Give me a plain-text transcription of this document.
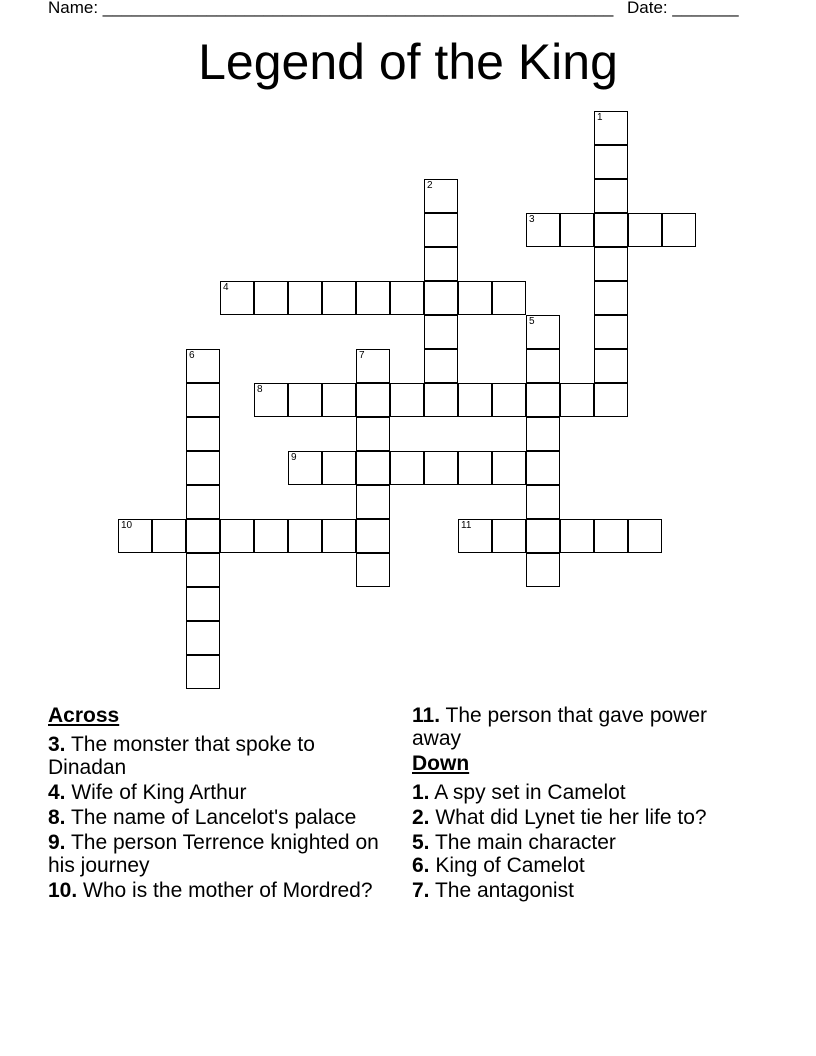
Name: ______________________________________________________ Date: _______
Legend of the King
1
2
3
4
5
6	7
8
9
10	11

Across

3. The monster that spoke to Dinadan

4. Wife of King Arthur

8. The name of Lancelot's palace

9. The person Terrence knighted on his journey

10. Who is the mother of Mordred?

11. The person that gave power away

Down

1. A spy set in Camelot

2. What did Lynet tie her life to?

5. The main character

6. King of Camelot

7. The antagonist
